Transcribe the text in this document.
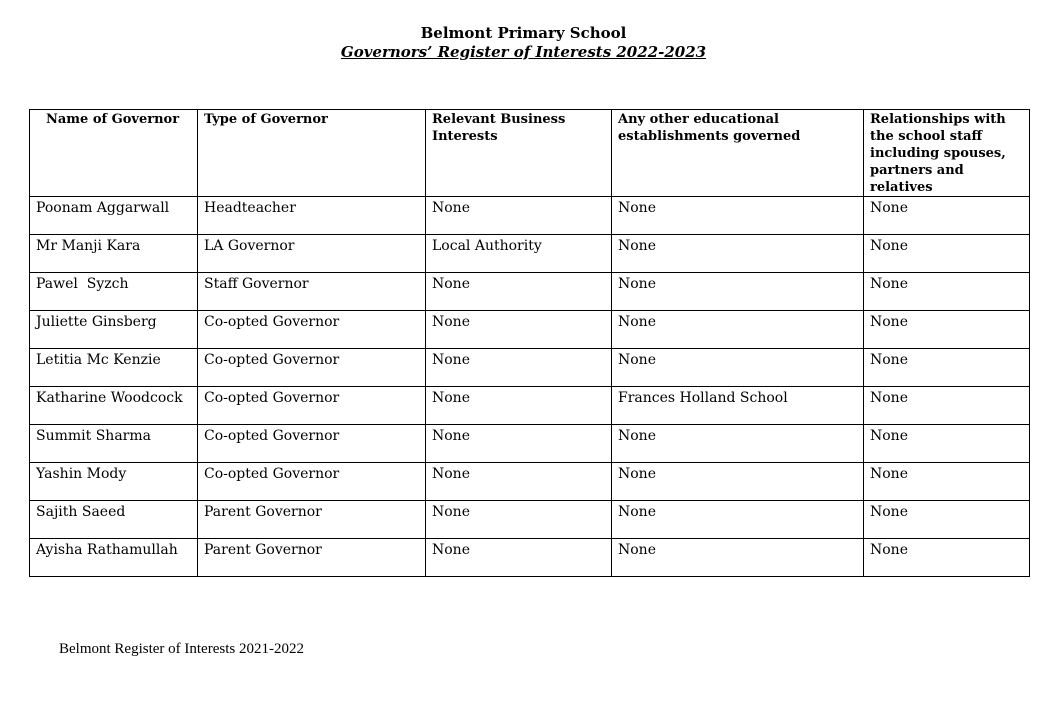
Belmont Primary School
Governors’ Register of Interests 2022-2023
Name of Governor	Type of Governor	Relevant Business Interests	Any other educational establishments governed	Relationships with the school staff including spouses, partners and relatives
Poonam Aggarwall	Headteacher	None	None	None
Mr Manji Kara	LA Governor	Local Authority	None	None
Pawel  Syzch	Staff Governor	None	None	None
Juliette Ginsberg	Co-opted Governor	None	None	None
Letitia Mc Kenzie	Co-opted Governor	None	None	None
Katharine Woodcock	Co-opted Governor	None	Frances Holland School	None
Summit Sharma	Co-opted Governor	None	None	None
Yashin Mody	Co-opted Governor	None	None	None
Sajith Saeed	Parent Governor	None	None	None
Ayisha Rathamullah	Parent Governor	None	None	None
Belmont Register of Interests 2021-2022
